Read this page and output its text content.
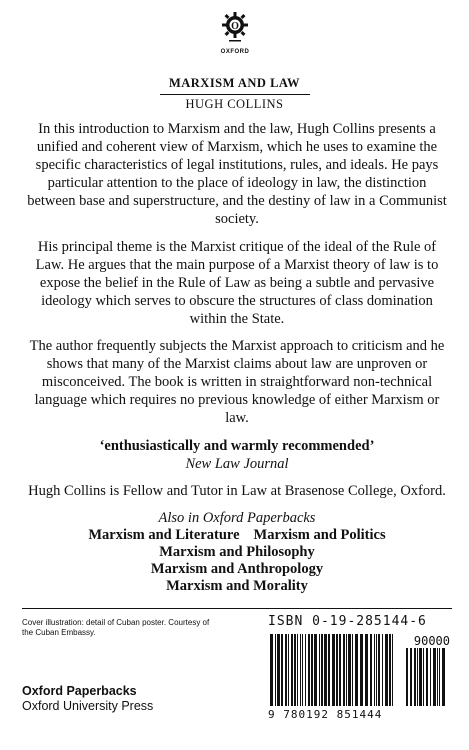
O
OXFORD
MARXISM AND LAW
HUGH COLLINS

In this introduction to Marxism and the law, Hugh Collins presents a unified and coherent view of Marxism, which he uses to examine the specific characteristics of legal institutions, rules, and ideals. He pays particular attention to the place of ideology in law, the distinction between base and superstructure, and the destiny of law in a Communist society.

His principal theme is the Marxist critique of the ideal of the Rule of Law. He argues that the main purpose of a Marxist theory of law is to expose the belief in the Rule of Law as being a subtle and pervasive ideology which serves to obscure the structures of class domination within the State.

The author frequently subjects the Marxist approach to criticism and he shows that many of the Marxist claims about law are unproven or misconceived. The book is written in straightforward non-technical language which requires no previous knowledge of either Marxism or law.

‘enthusiastically and warmly recommended’
New Law Journal

Hugh Collins is Fellow and Tutor in Law at Brasenose College, Oxford.

Also in Oxford Paperbacks
Marxism and Literature Marxism and Politics
Marxism and Philosophy
Marxism and Anthropology
Marxism and Morality
Cover illustration: detail of Cuban poster. Courtesy of the Cuban Embassy.
Oxford Paperbacks
Oxford University Press
ISBN 0-19-285144-6
90000
9 780192 851444
